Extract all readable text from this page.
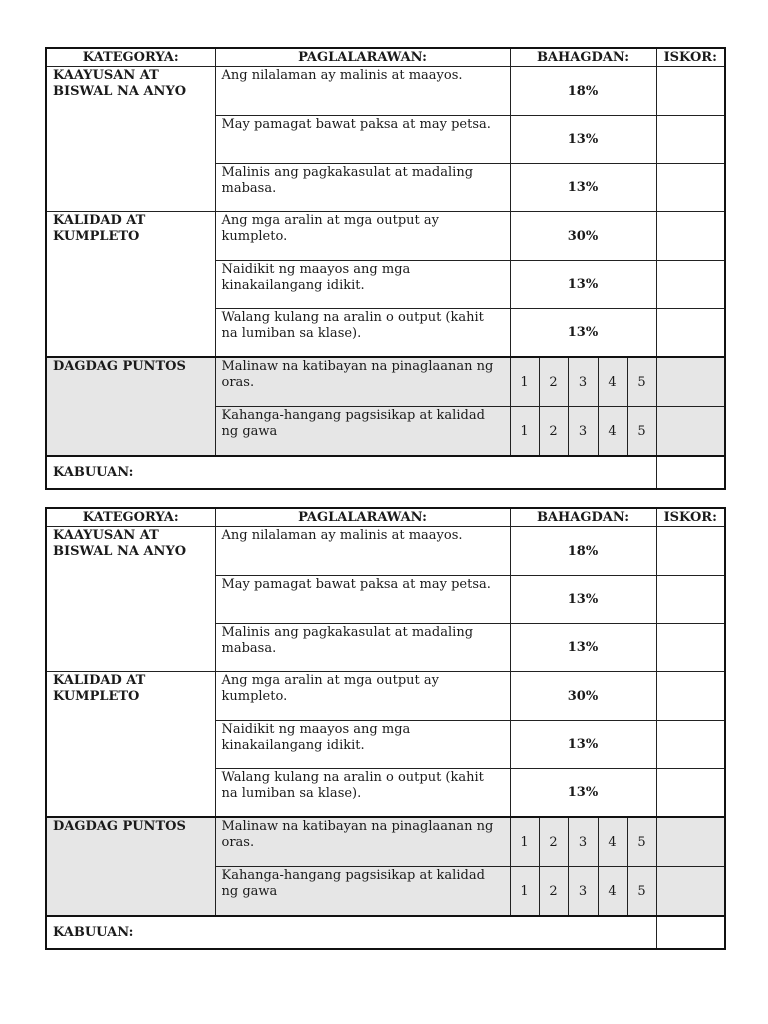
KATEGORYA:	PAGLALARAWAN:	BAHAGDAN:					ISKOR:
KAAYUSAN AT BISWAL NA ANYO	Ang nilalaman ay malinis at maayos.	18%					
	May pamagat bawat paksa at may petsa.	13%					
	Malinis ang pagkakasulat at madaling mabasa.	13%					
KALIDAD AT KUMPLETO	Ang mga aralin at mga output ay kumpleto.	30%					
	Naidikit ng maayos ang mga kinakailangang idikit.	13%					
	Walang kulang na aralin o output (kahit na lumiban sa klase).	13%					
DAGDAG PUNTOS	Malinaw na katibayan na pinaglaanan ng oras.	1	2	3	4	5	
	Kahanga-hangang pagsisikap at kalidad ng gawa	1	2	3	4	5	
KABUUAN:							
KATEGORYA:	PAGLALARAWAN:	BAHAGDAN:					ISKOR:
KAAYUSAN AT BISWAL NA ANYO	Ang nilalaman ay malinis at maayos.	18%					
	May pamagat bawat paksa at may petsa.	13%					
	Malinis ang pagkakasulat at madaling mabasa.	13%					
KALIDAD AT KUMPLETO	Ang mga aralin at mga output ay kumpleto.	30%					
	Naidikit ng maayos ang mga kinakailangang idikit.	13%					
	Walang kulang na aralin o output (kahit na lumiban sa klase).	13%					
DAGDAG PUNTOS	Malinaw na katibayan na pinaglaanan ng oras.	1	2	3	4	5	
	Kahanga-hangang pagsisikap at kalidad ng gawa	1	2	3	4	5	
KABUUAN:							
